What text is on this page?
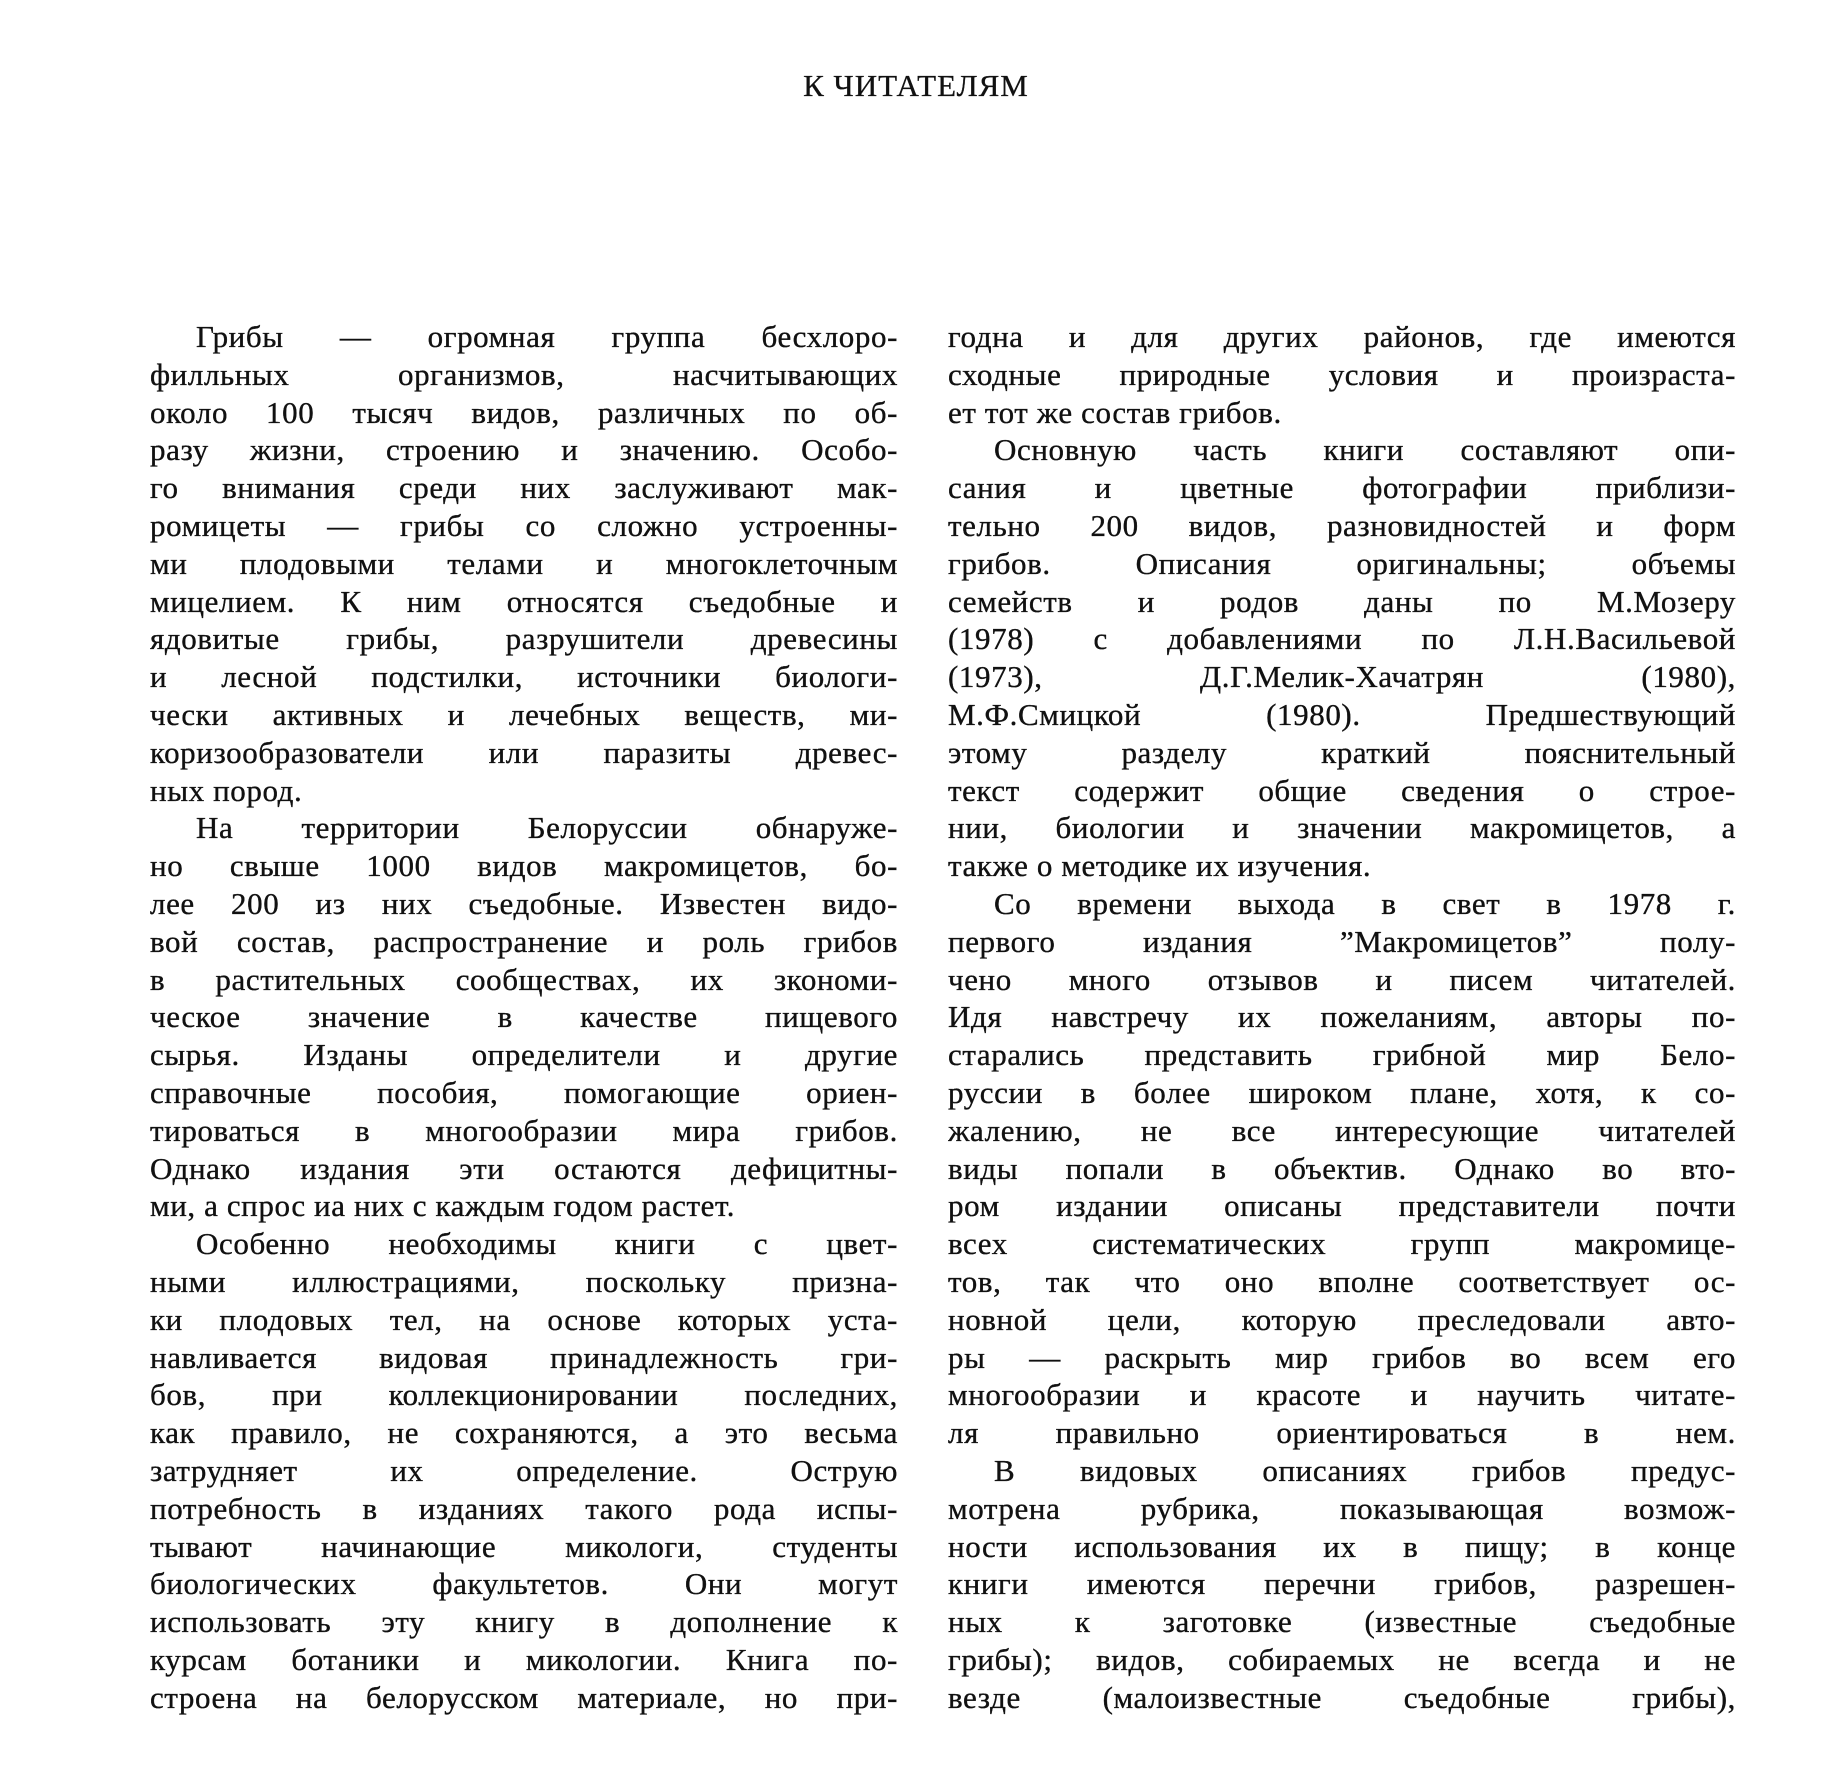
К ЧИТАТЕЛЯМ
Грибы — огромная группа бесхлоро-
филльных организмов, насчитывающих
около 100 тысяч видов, различных по об-
разу жизни, строению и значению. Особо-
го внимания среди них заслуживают мак-
ромицеты — грибы со сложно устроенны-
ми плодовыми телами и многоклеточным
мицелием. К ним относятся съедобные и
ядовитые грибы, разрушители древесины
и лесной подстилки, источники биологи-
чески активных и лечебных веществ, ми-
коризообразователи или паразиты древес-
ных пород.
На территории Белоруссии обнаруже-
но свыше 1000 видов макромицетов, бо-
лее 200 из них съедобные. Известен видо-
вой состав, распространение и роль грибов
в растительных сообществах, их зкономи-
ческое значение в качестве пищевого
сырья. Изданы определители и другие
справочные пособия, помогающие ориен-
тироваться в многообразии мира грибов.
Однако издания эти остаются дефицитны-
ми, а спрос иа них с каждым годом растет.
Особенно необходимы книги с цвет-
ными иллюстрациями, поскольку призна-
ки плодовых тел, на основе которых уста-
навливается видовая принадлежность гри-
бов, при коллекционировании последних,
как правило, не сохраняются, а это весьма
затрудняет их определение. Острую
потребность в изданиях такого рода испы-
тывают начинающие микологи, студенты
биологических факультетов. Они могут
использовать эту книгу в дополнение к
курсам ботаники и микологии. Книга по-
строена на белорусском материале, но при-
годна и для других районов, где имеются
сходные природные условия и произраста-
ет тот же состав грибов.
Основную часть книги составляют опи-
сания и цветные фотографии приблизи-
тельно 200 видов, разновидностей и форм
грибов. Описания оригинальны; объемы
семейств и родов даны по М.Мозеру
(1978) с добавлениями по Л.Н.Васильевой
(1973), Д.Г.Мелик-Хачатрян (1980),
М.Ф.Смицкой (1980). Предшествующий
этому разделу краткий пояснительный
текст содержит общие сведения о строе-
нии, биологии и значении макромицетов, а
также о методике их изучения.
Со времени выхода в свет в 1978 г.
первого издания ”Макромицетов” полу-
чено много отзывов и писем читателей.
Идя навстречу их пожеланиям, авторы по-
старались представить грибной мир Бело-
руссии в более широком плане, хотя, к со-
жалению, не все интересующие читателей
виды попали в объектив. Однако во вто-
ром издании описаны представители почти
всех систематических групп макромице-
тов, так что оно вполне соответствует ос-
новной цели, которую преследовали авто-
ры — раскрыть мир грибов во всем его
многообразии и красоте и научить читате-
ля правильно ориентироваться в нем.
В видовых описаниях грибов предус-
мотрена рубрика, показывающая возмож-
ности использования их в пищу; в конце
книги имеются перечни грибов, разрешен-
ных к заготовке (известные съедобные
грибы); видов, собираемых не всегда и не
везде (малоизвестные съедобные грибы),
